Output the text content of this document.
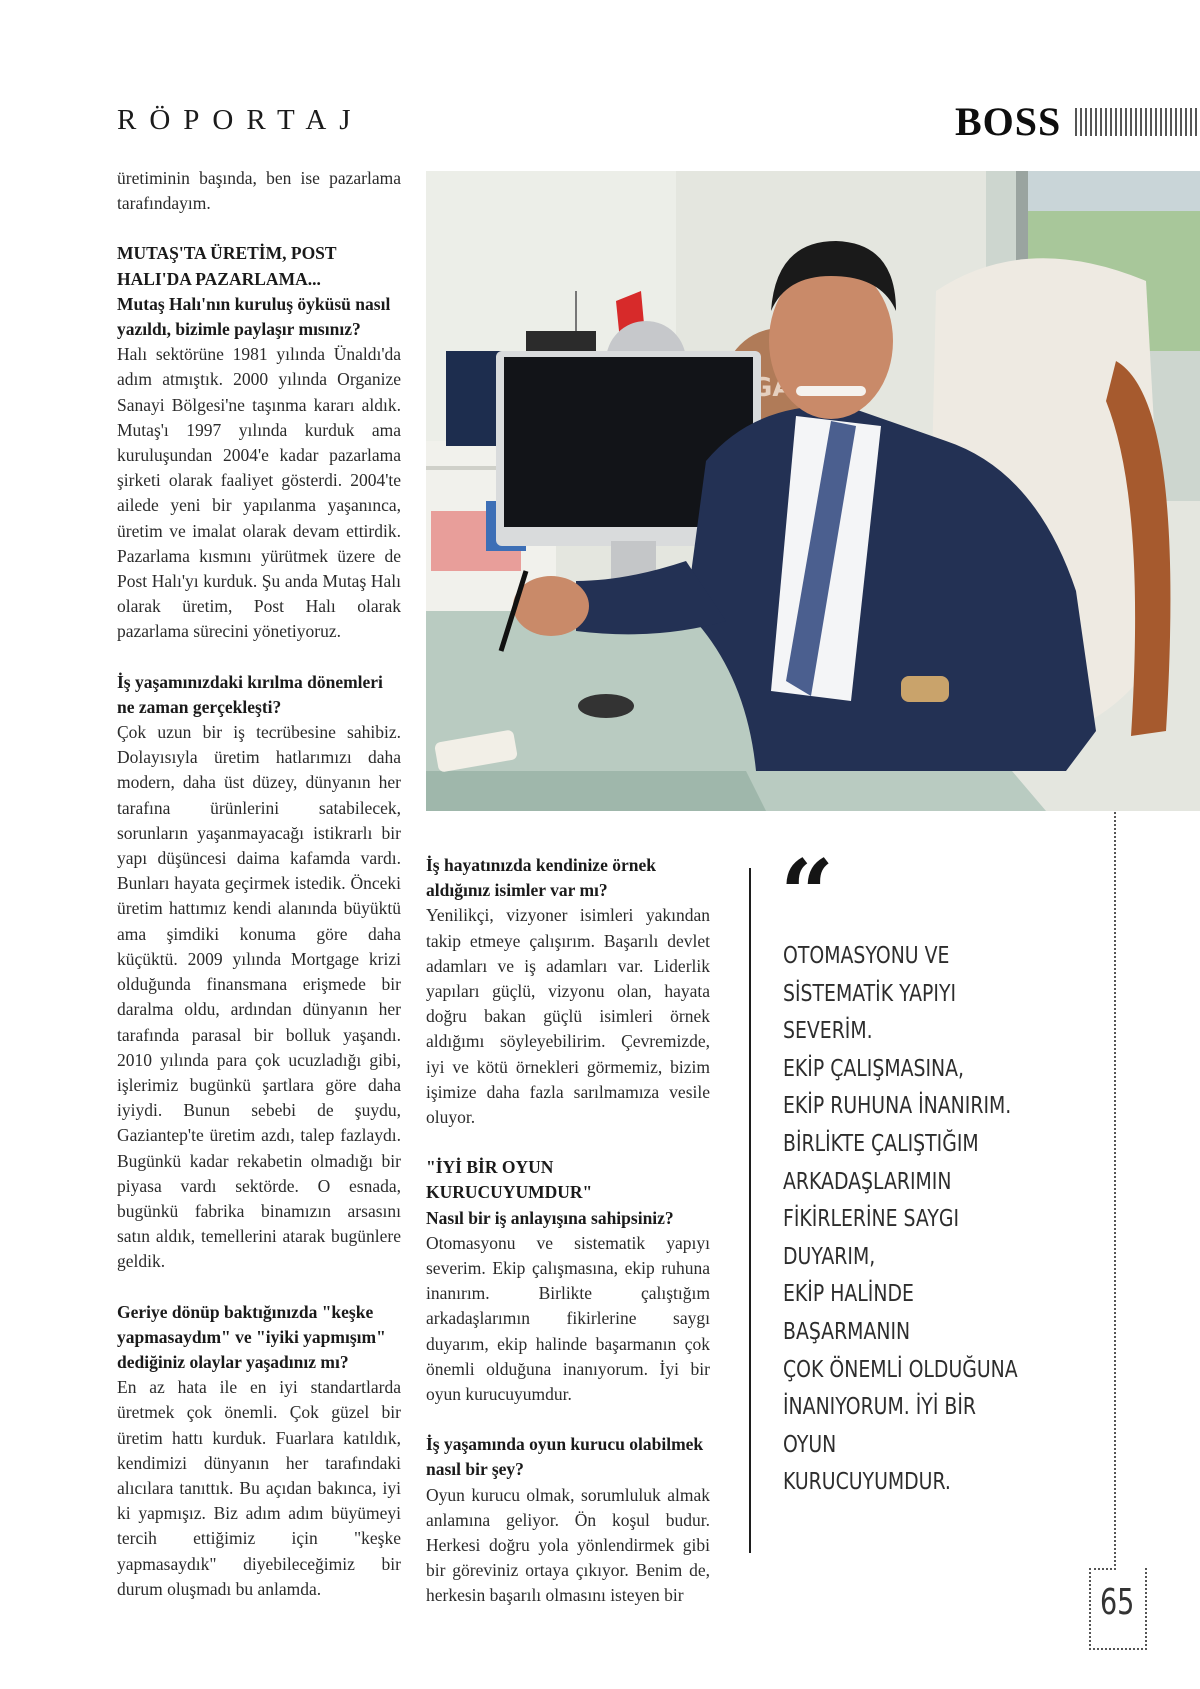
RÖPORTAJ	BOSS

üretiminin başında, ben ise pazarlama tarafındayım.

MUTAŞ'TA ÜRETİM, POST HALI'DA PAZARLAMA...
Mutaş Halı'nın kuruluş öyküsü nasıl yazıldı, bizimle paylaşır mısınız?

Halı sektörüne 1981 yılında Ünaldı'da adım atmıştık. 2000 yılında Organize Sanayi Bölgesi'ne taşınma kararı aldık. Mutaş'ı 1997 yılında kurduk ama kuruluşundan 2004'e kadar pazarlama şirketi olarak faaliyet gösterdi. 2004'te ailede yeni bir yapılanma yaşanınca, üretim ve imalat olarak devam ettirdik. Pazarlama kısmını yürütmek üzere de Post Halı'yı kurduk. Şu anda Mutaş Halı olarak üretim, Post Halı olarak pazarlama sürecini yönetiyoruz.

İş yaşamınızdaki kırılma dönemleri ne zaman gerçekleşti?

Çok uzun bir iş tecrübesine sahibiz. Dolayısıyla üretim hatlarımızı daha modern, daha üst düzey, dünyanın her tarafına ürünlerini satabilecek, sorunların yaşanmayacağı istikrarlı bir yapı düşüncesi daima kafamda vardı. Bunları hayata geçirmek istedik. Önceki üretim hattımız kendi alanında büyüktü ama şimdiki konuma göre daha küçüktü. 2009 yılında Mortgage krizi olduğunda finansmana erişmede bir daralma oldu, ardından dünyanın her tarafında parasal bir bolluk yaşandı. 2010 yılında para çok ucuzladığı gibi, işlerimiz bugünkü şartlara göre daha iyiydi. Bunun sebebi de şuydu, Gaziantep'te üretim azdı, talep fazlaydı. Bugünkü kadar rekabetin olmadığı bir piyasa vardı sektörde. O esnada, bugünkü fabrika binamızın arsasını satın aldık, temellerini atarak bugünlere geldik.

Geriye dönüp baktığınızda "keşke yapmasaydım" ve "iyiki yapmışım" dediğiniz olaylar yaşadınız mı?

En az hata ile en iyi standartlarda üretmek çok önemli. Çok güzel bir üretim hattı kurduk. Fuarlara katıldık, kendimizi dünyanın her tarafındaki alıcılara tanıttık. Bu açıdan bakınca, iyi ki yapmışız. Biz adım adım büyümeyi tercih ettiğimiz için "keşke yapmasaydık" diyebileceğimiz bir durum oluşmadı bu anlamda.

İş hayatınızda kendinize örnek aldığınız isimler var mı?

Yenilikçi, vizyoner isimleri yakından takip etmeye çalışırım. Başarılı devlet adamları ve iş adamları var. Liderlik yapıları güçlü, vizyonu olan, hayata doğru bakan güçlü isimleri örnek aldığımı söyleyebilirim. Çevremizde, iyi ve kötü örnekleri görmemiz, bizim işimize daha fazla sarılmamıza vesile oluyor.

"İYİ BİR OYUN KURUCUYUMDUR"
Nasıl bir iş anlayışına sahipsiniz?

Otomasyonu ve sistematik yapıyı severim. Ekip çalışmasına, ekip ruhuna inanırım. Birlikte çalıştığım arkadaşlarımın fikirlerine saygı duyarım, ekip halinde başarmanın çok önemli olduğuna inanıyorum. İyi bir oyun kurucuyumdur.

İş yaşamında oyun kurucu olabilmek nasıl bir şey?

Oyun kurucu olmak, sorumluluk almak anlamına geliyor. Ön koşul budur. Herkesi doğru yola yönlendirmek gibi bir göreviniz ortaya çıkıyor. Benim de, herkesin başarılı olmasını isteyen bir

“
OTOMASYONU VE
SİSTEMATİK YAPIYI SEVERİM.
EKİP ÇALIŞMASINA,
EKİP RUHUNA İNANIRIM.
BİRLİKTE ÇALIŞTIĞIM
ARKADAŞLARIMIN
FİKİRLERİNE SAYGI DUYARIM,
EKİP HALİNDE BAŞARMANIN
ÇOK ÖNEMLİ OLDUĞUNA
İNANIYORUM. İYİ BİR OYUN
KURUCUYUMDUR.
65
